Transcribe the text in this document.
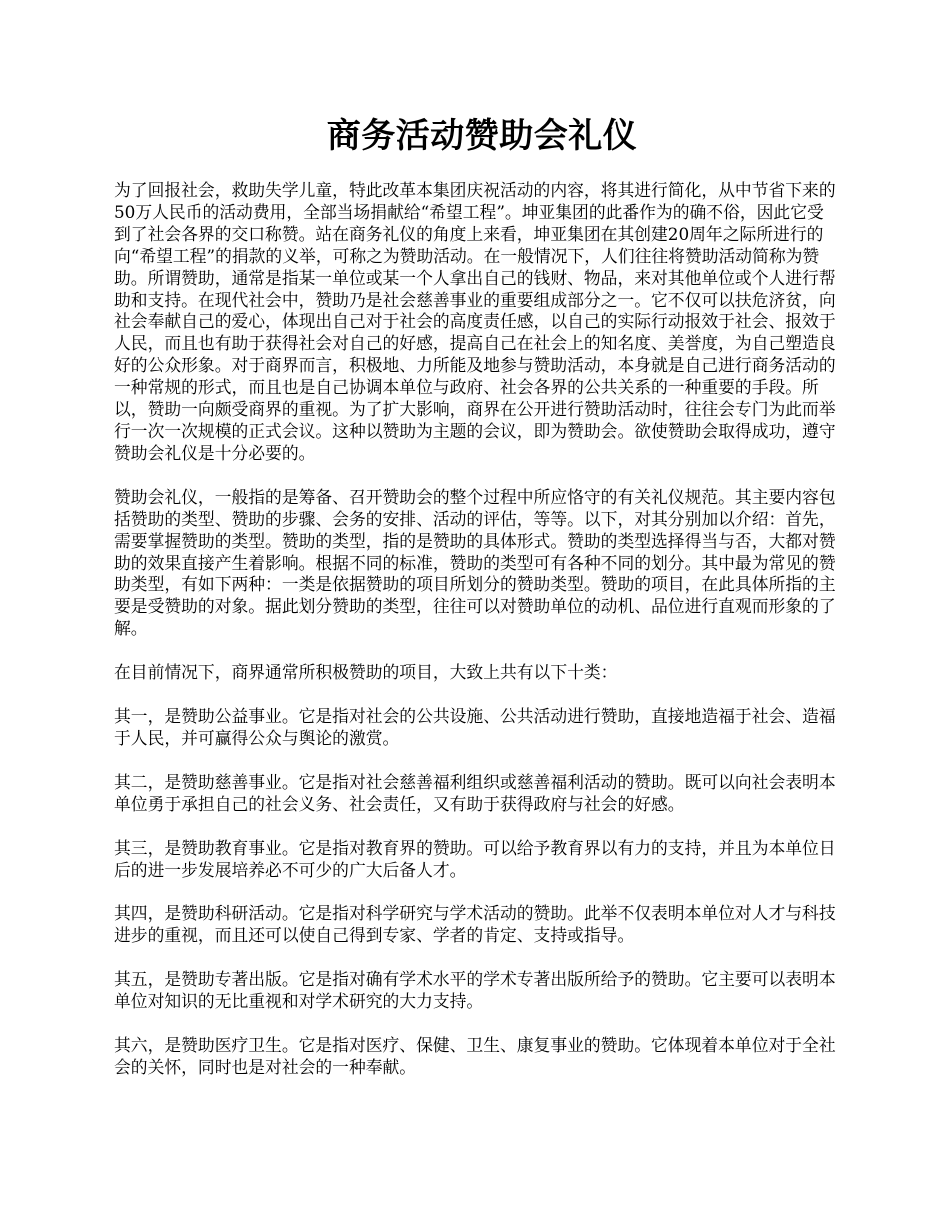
商务活动赞助会礼仪

为了回报社会，救助失学儿童，特此改革本集团庆祝活动的内容，将其进行简化，从中节省下来的50万人民币的活动费用，全部当场捐献给“希望工程”。坤亚集团的此番作为的确不俗，因此它受到了社会各界的交口称赞。站在商务礼仪的角度上来看，坤亚集团在其创建20周年之际所进行的向“希望工程”的捐款的义举，可称之为赞助活动。在一般情况下，人们往往将赞助活动简称为赞助。所谓赞助，通常是指某一单位或某一个人拿出自己的钱财、物品，来对其他单位或个人进行帮助和支持。在现代社会中，赞助乃是社会慈善事业的重要组成部分之一。它不仅可以扶危济贫，向社会奉献自己的爱心，体现出自己对于社会的高度责任感，以自己的实际行动报效于社会、报效于人民，而且也有助于获得社会对自己的好感，提高自己在社会上的知名度、美誉度，为自己塑造良好的公众形象。对于商界而言，积极地、力所能及地参与赞助活动，本身就是自己进行商务活动的一种常规的形式，而且也是自己协调本单位与政府、社会各界的公共关系的一种重要的手段。所以，赞助一向颇受商界的重视。为了扩大影响，商界在公开进行赞助活动时，往往会专门为此而举行一次一次规模的正式会议。这种以赞助为主题的会议，即为赞助会。欲使赞助会取得成功，遵守赞助会礼仪是十分必要的。

赞助会礼仪，一般指的是筹备、召开赞助会的整个过程中所应恪守的有关礼仪规范。其主要内容包括赞助的类型、赞助的步骤、会务的安排、活动的评估，等等。以下，对其分别加以介绍：首先，需要掌握赞助的类型。赞助的类型，指的是赞助的具体形式。赞助的类型选择得当与否，大都对赞助的效果直接产生着影响。根据不同的标准，赞助的类型可有各种不同的划分。其中最为常见的赞助类型，有如下两种：一类是依据赞助的项目所划分的赞助类型。赞助的项目，在此具体所指的主要是受赞助的对象。据此划分赞助的类型，往往可以对赞助单位的动机、品位进行直观而形象的了解。

在目前情况下，商界通常所积极赞助的项目，大致上共有以下十类：

其一，是赞助公益事业。它是指对社会的公共设施、公共活动进行赞助，直接地造福于社会、造福于人民，并可赢得公众与舆论的激赏。

其二，是赞助慈善事业。它是指对社会慈善福利组织或慈善福利活动的赞助。既可以向社会表明本单位勇于承担自己的社会义务、社会责任，又有助于获得政府与社会的好感。

其三，是赞助教育事业。它是指对教育界的赞助。可以给予教育界以有力的支持，并且为本单位日后的进一步发展培养必不可少的广大后备人才。

其四，是赞助科研活动。它是指对科学研究与学术活动的赞助。此举不仅表明本单位对人才与科技进步的重视，而且还可以使自己得到专家、学者的肯定、支持或指导。

其五，是赞助专著出版。它是指对确有学术水平的学术专著出版所给予的赞助。它主要可以表明本单位对知识的无比重视和对学术研究的大力支持。

其六，是赞助医疗卫生。它是指对医疗、保健、卫生、康复事业的赞助。它体现着本单位对于全社会的关怀，同时也是对社会的一种奉献。
